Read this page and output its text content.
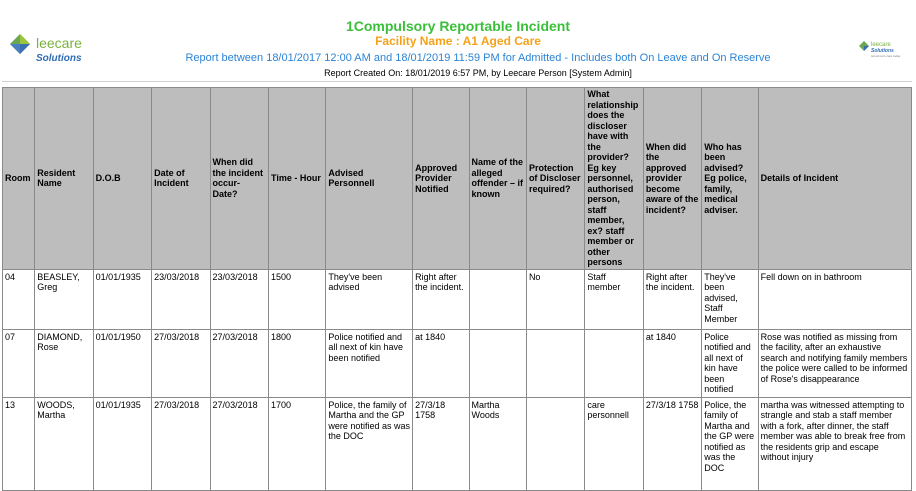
leecare
Solutions
1Compulsory Reportable Incident
Facility Name : A1 Aged Care
Report between 18/01/2017 12:00 AM and 18/01/2019 11:59 PM for Admitted - Includes both On Leave and On Reserve
Report Created On: 18/01/2019 6:57 PM, by Leecare Person [System Admin]
leecare
Solutions
tomorrow's care today
Room	Resident Name	D.O.B	Date of Incident	When did the incident occur- Date?	Time - Hour	Advised Personnell	Approved Provider Notified	Name of the alleged offender – if known	Protection of Discloser required?	What relationship does the discloser have with the provider? Eg key personnel, authorised person, staff member, ex? staff member or other persons	When did the approved provider become aware of the incident?	Who has been advised? Eg police, family, medical adviser.	Details of Incident
04	BEASLEY, Greg	01/01/1935	23/03/2018	23/03/2018	1500	They've been advised	Right after the incident.		No	Staff member	Right after the incident.	They've been advised, Staff Member	Fell down on in bathroom
07	DIAMOND, Rose	01/01/1950	27/03/2018	27/03/2018	1800	Police notified and all next of kin have been notified	at 1840				at 1840	Police notified and all next of kin have been notified	Rose was notified as missing from the facility, after an exhaustive search and notifying family members the police were called to be informed of Rose's disappearance
13	WOODS, Martha	01/01/1935	27/03/2018	27/03/2018	1700	Police, the family of Martha and the GP were notified as was the DOC	27/3/18 1758	Martha Woods		care personnell	27/3/18 1758	Police, the family of Martha and the GP were notified as was the DOC	martha was witnessed attempting to strangle and stab a staff member with a fork, after dinner, the staff member was able to break free from the residents grip and escape without injury
